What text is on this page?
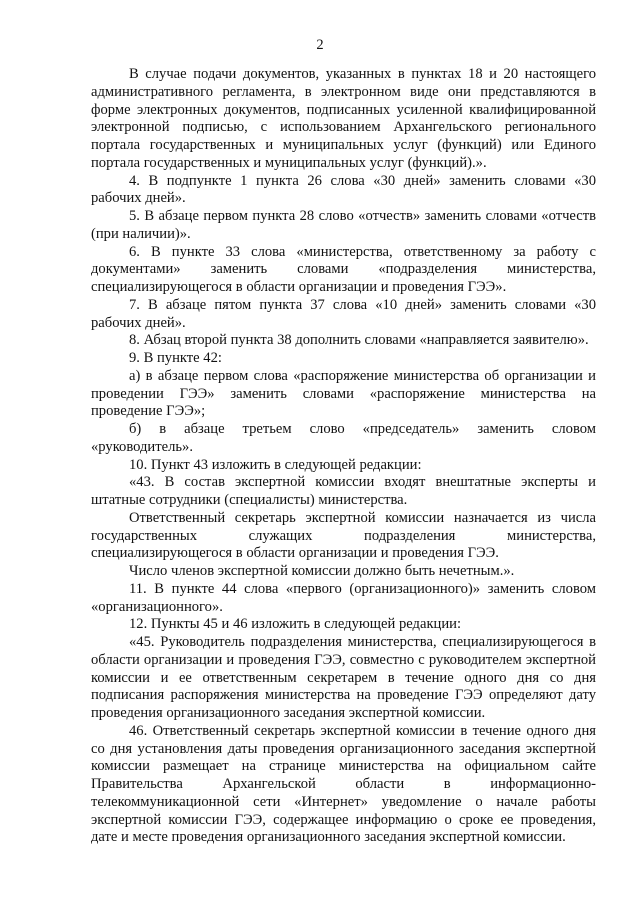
2

В случае подачи документов, указанных в пунктах 18 и 20 настоящего административного регламента, в электронном виде они представляются в форме электронных документов, подписанных усиленной квалифицированной электронной подписью, с использованием Архангельского регионального портала государственных и муниципальных услуг (функций) или Единого портала государственных и муниципальных услуг (функций).».

4. В подпункте 1 пункта 26 слова «30 дней» заменить словами «30 рабочих дней».

5. В абзаце первом пункта 28 слово «отчеств» заменить словами «отчеств (при наличии)».

6. В пункте 33 слова «министерства, ответственному за работу с документами» заменить словами «подразделения министерства, специализирующегося в области организации и проведения ГЭЭ».

7. В абзаце пятом пункта 37 слова «10 дней» заменить словами «30 рабочих дней».

8. Абзац второй пункта 38 дополнить словами «направляется заявителю».

9. В пункте 42:

а) в абзаце первом слова «распоряжение министерства об организации и проведении ГЭЭ» заменить словами «распоряжение министерства на проведение ГЭЭ»;

б) в абзаце третьем слово «председатель» заменить словом «руководитель».

10. Пункт 43 изложить в следующей редакции:

«43. В состав экспертной комиссии входят внештатные эксперты и штатные сотрудники (специалисты) министерства.

Ответственный секретарь экспертной комиссии назначается из числа государственных служащих подразделения министерства, специализирующегося в области организации и проведения ГЭЭ.

Число членов экспертной комиссии должно быть нечетным.».

11. В пункте 44 слова «первого (организационного)» заменить словом «организационного».

12. Пункты 45 и 46 изложить в следующей редакции:

«45. Руководитель подразделения министерства, специализирующегося в области организации и проведения ГЭЭ, совместно с руководителем экспертной комиссии и ее ответственным секретарем в течение одного дня со дня подписания распоряжения министерства на проведение ГЭЭ определяют дату проведения организационного заседания экспертной комиссии.

46. Ответственный секретарь экспертной комиссии в течение одного дня со дня установления даты проведения организационного заседания экспертной комиссии размещает на странице министерства на официальном сайте Правительства Архангельской области в информационно-телекоммуникационной сети «Интернет» уведомление о начале работы экспертной комиссии ГЭЭ, содержащее информацию о сроке ее проведения, дате и месте проведения организационного заседания экспертной комиссии.
